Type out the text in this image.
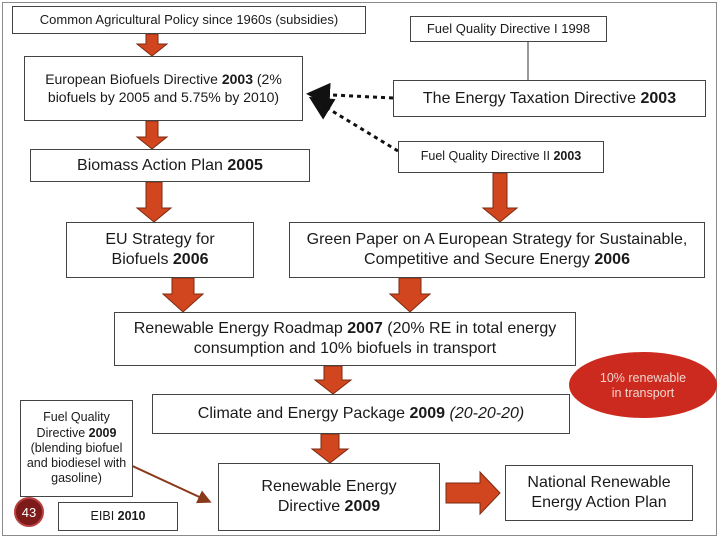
Common Agricultural Policy since 1960s (subsidies)
Fuel Quality Directive I 1998
European Biofuels Directive 2003 (2% biofuels by 2005 and 5.75% by 2010)	The Energy Taxation Directive 2003
Fuel Quality Directive II 2003
Biomass Action Plan 2005
EU Strategy for Biofuels 2006
Green Paper on A European Strategy for Sustainable, Competitive and Secure Energy 2006
Renewable Energy Roadmap 2007 (20% RE in total energy consumption and 10% biofuels in transport
Fuel Quality Directive 2009 (blending biofuel and biodiesel with gasoline)
Climate and Energy Package 2009 (20-20-20)
10% renewable in transport
Renewable Energy Directive 2009
National Renewable Energy Action Plan
EIBI 2010
43
